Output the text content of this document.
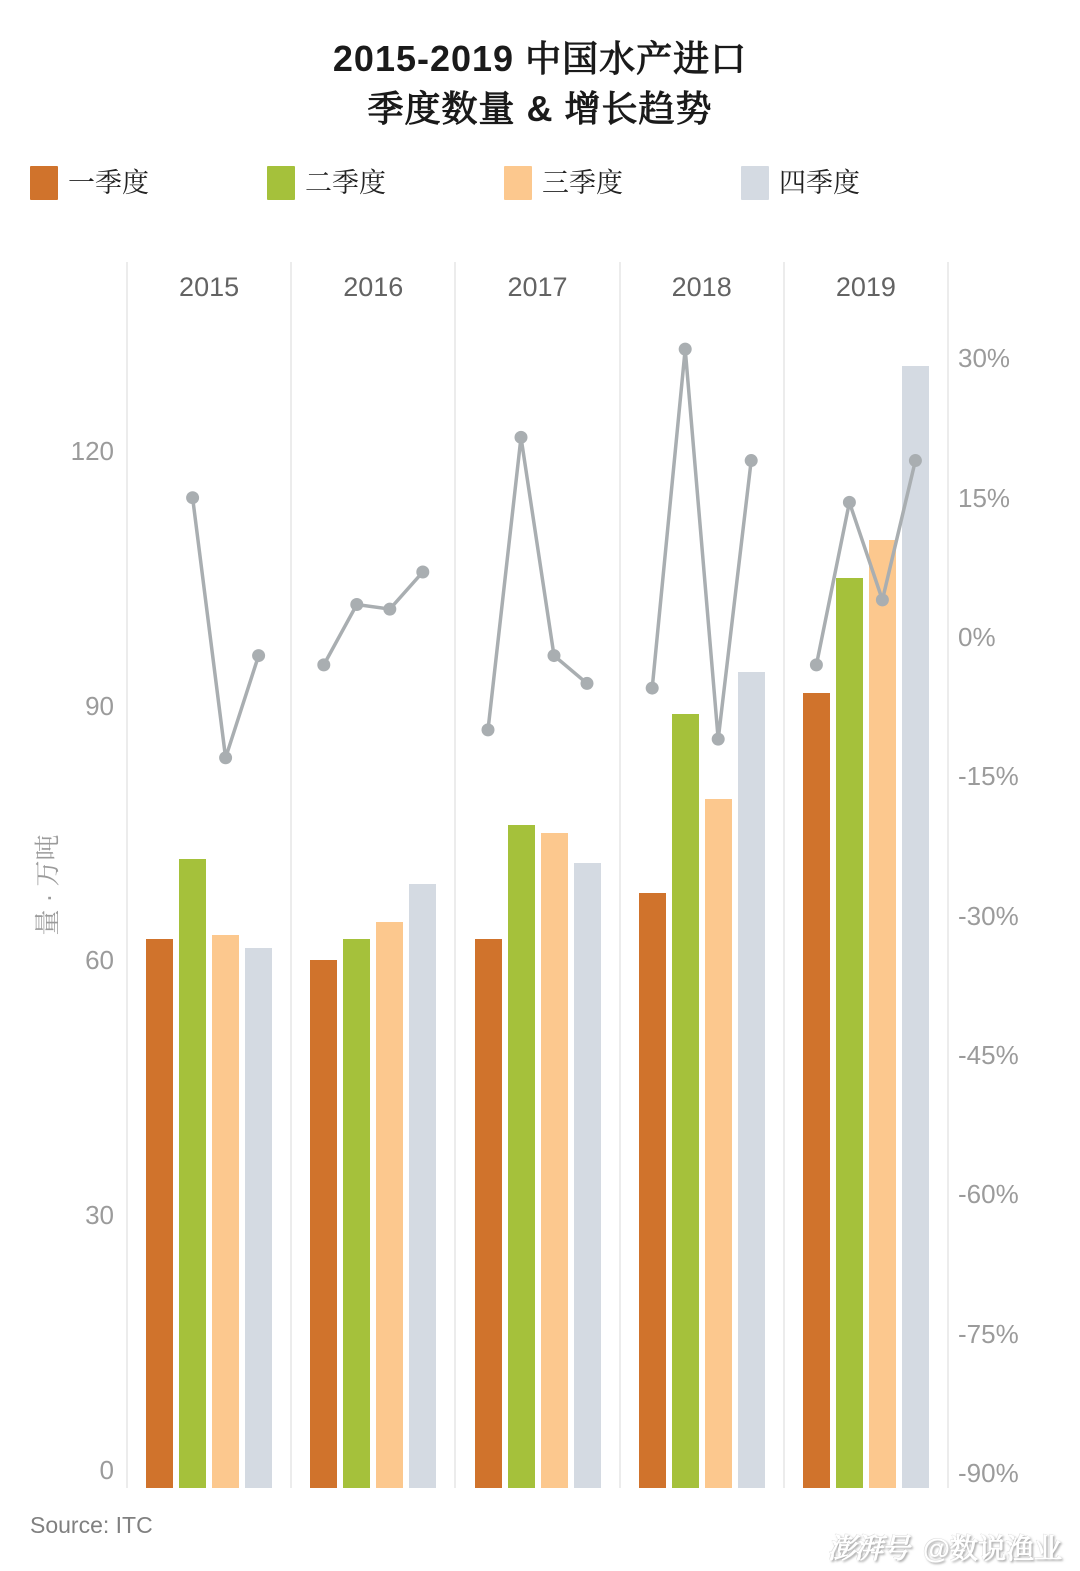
2015-2019 中国水产进口
季度数量 & 增长趋势
一季度	二季度	三季度	四季度
量 · 万吨
2015	2016	2017	2018	2019
0
30
60
90
120
30%
15%
0%
-15%
-30%
-45%
-60%
-75%
-90%
Source: ITC
澎湃号 @数说渔业
